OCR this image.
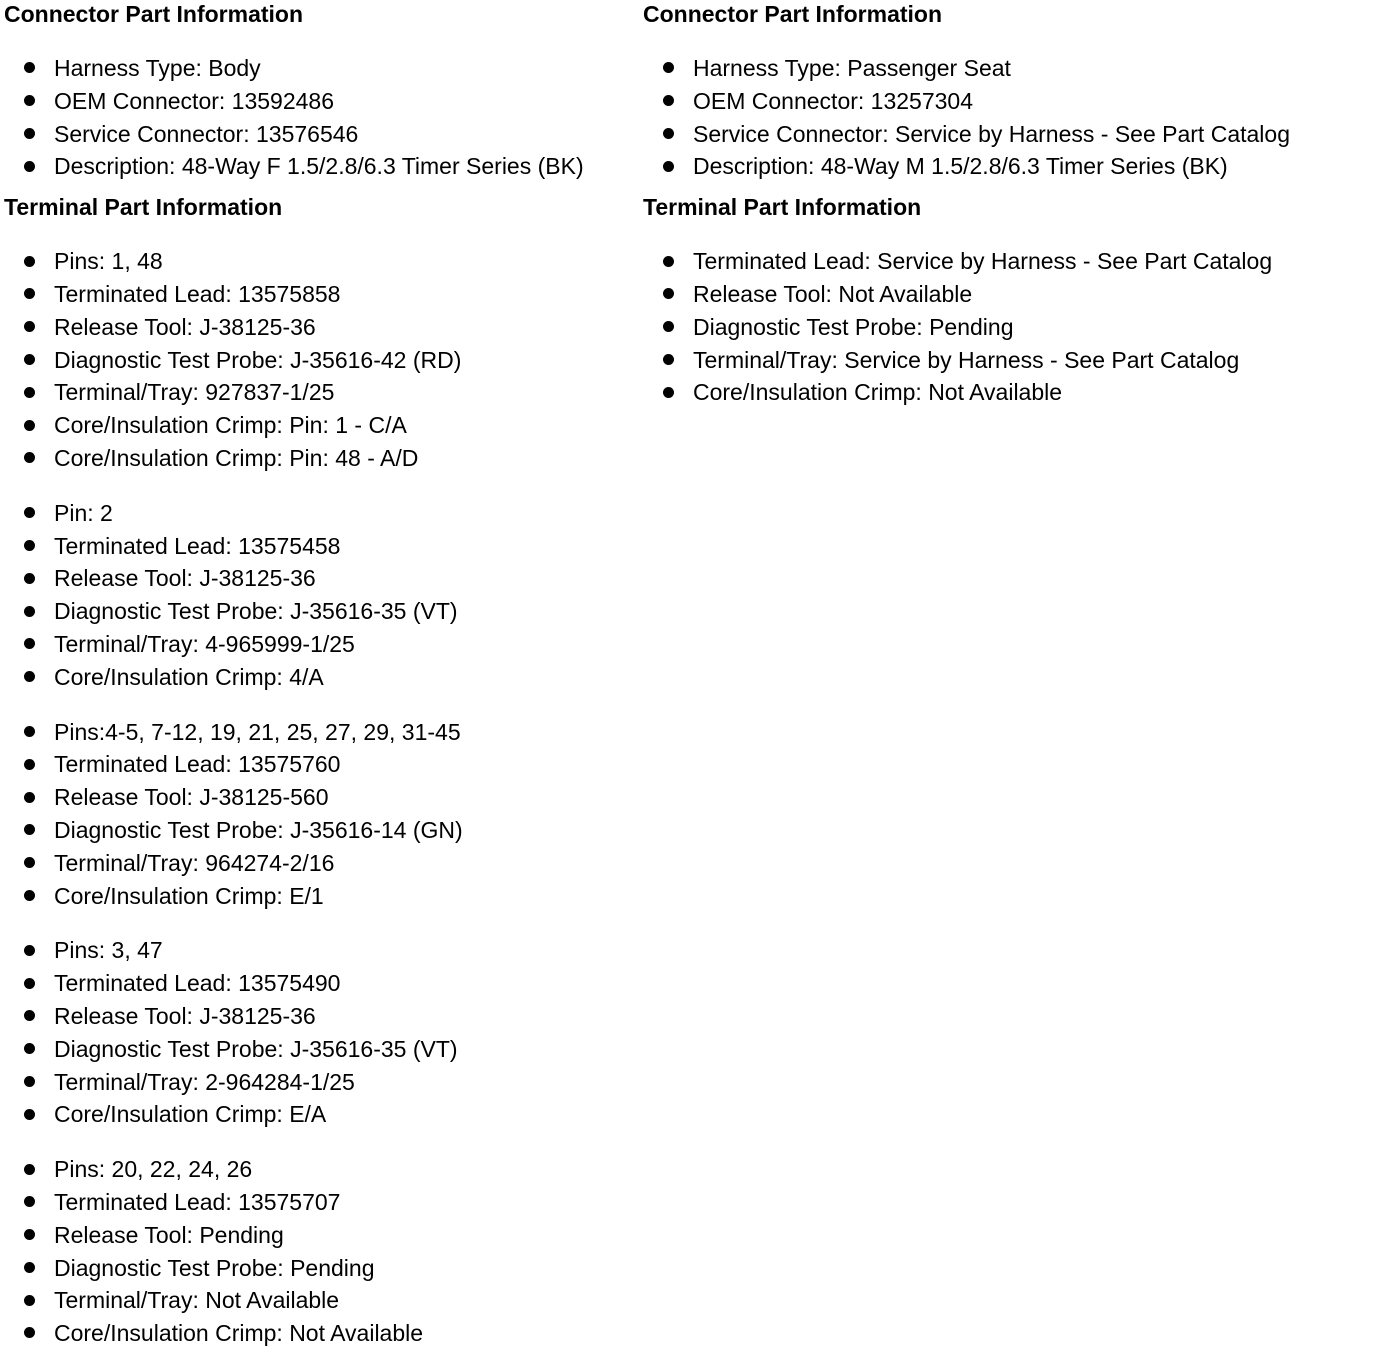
Connector Part Information
Harness Type: Body
OEM Connector: 13592486
Service Connector: 13576546
Description: 48-Way F 1.5/2.8/6.3 Timer Series (BK)
Terminal Part Information
Pins: 1, 48
Terminated Lead: 13575858
Release Tool: J-38125-36
Diagnostic Test Probe: J-35616-42 (RD)
Terminal/Tray: 927837-1/25
Core/Insulation Crimp: Pin: 1 - C/A
Core/Insulation Crimp: Pin: 48 - A/D
Pin: 2
Terminated Lead: 13575458
Release Tool: J-38125-36
Diagnostic Test Probe: J-35616-35 (VT)
Terminal/Tray: 4-965999-1/25
Core/Insulation Crimp: 4/A
Pins:4-5, 7-12, 19, 21, 25, 27, 29, 31-45
Terminated Lead: 13575760
Release Tool: J-38125-560
Diagnostic Test Probe: J-35616-14 (GN)
Terminal/Tray: 964274-2/16
Core/Insulation Crimp: E/1
Pins: 3, 47
Terminated Lead: 13575490
Release Tool: J-38125-36
Diagnostic Test Probe: J-35616-35 (VT)
Terminal/Tray: 2-964284-1/25
Core/Insulation Crimp: E/A
Pins: 20, 22, 24, 26
Terminated Lead: 13575707
Release Tool: Pending
Diagnostic Test Probe: Pending
Terminal/Tray: Not Available
Core/Insulation Crimp: Not Available
Connector Part Information
Harness Type: Passenger Seat
OEM Connector: 13257304
Service Connector: Service by Harness - See Part Catalog
Description: 48-Way M 1.5/2.8/6.3 Timer Series (BK)
Terminal Part Information
Terminated Lead: Service by Harness - See Part Catalog
Release Tool: Not Available
Diagnostic Test Probe: Pending
Terminal/Tray: Service by Harness - See Part Catalog
Core/Insulation Crimp: Not Available
